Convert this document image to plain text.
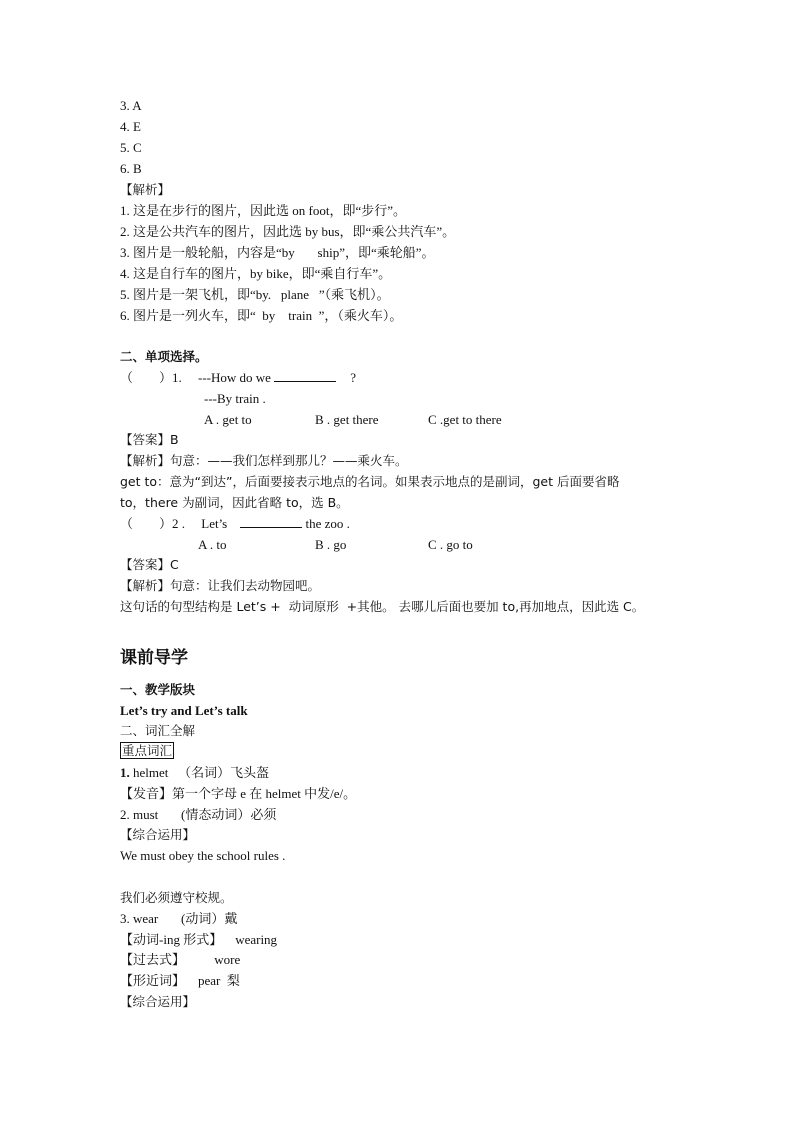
3. A
4. E
5. C
6. B
【解析】
1. 这是在步行的图片，因此选 on foot，即“步行”。
2. 这是公共汽车的图片，因此选 by bus，即“乘公共汽车”。
3. 图片是一般轮船，内容是“by       ship”，即“乘轮船”。
4. 这是自行车的图片，by bike，即“乘自行车”。
5. 图片是一架飞机，即“by.   plane   ”（乘飞机）。
6. 图片是一列火车，即“  by    train  ”，（乘火车）。
二、单项选择。
（        ）1.     ---How do we	?
---By train .
A . get to	B . get there	C .get to there
【答案】B
【解析】句意：——我们怎样到那儿？——乘火车。
get to：意为“到达”，后面要接表示地点的名词。如果表示地点的是副词，get 后面要省略
to，there 为副词，因此省略 to，选 B。
（        ）2 .     Let’s	the zoo .
A . to	B . go	C . go to
【答案】C
【解析】句意：让我们去动物园吧。
这句话的句型结构是 Let’s +  动词原形  +其他。 去哪儿后面也要加 to,再加地点，因此选 C。
课前导学
一、教学版块
Let’s try and Let’s talk
二、词汇全解
重点词汇
1. helmet   （名词）飞头盔
【发音】第一个字母 e 在 helmet 中发/e/。
2. must       (情态动词）必须
【综合运用】
We must obey the school rules .
我们必须遵守校规。
3. wear       (动词）戴
【动词-ing 形式】    wearing
【过去式】         wore
【形近词】    pear  梨
【综合运用】
